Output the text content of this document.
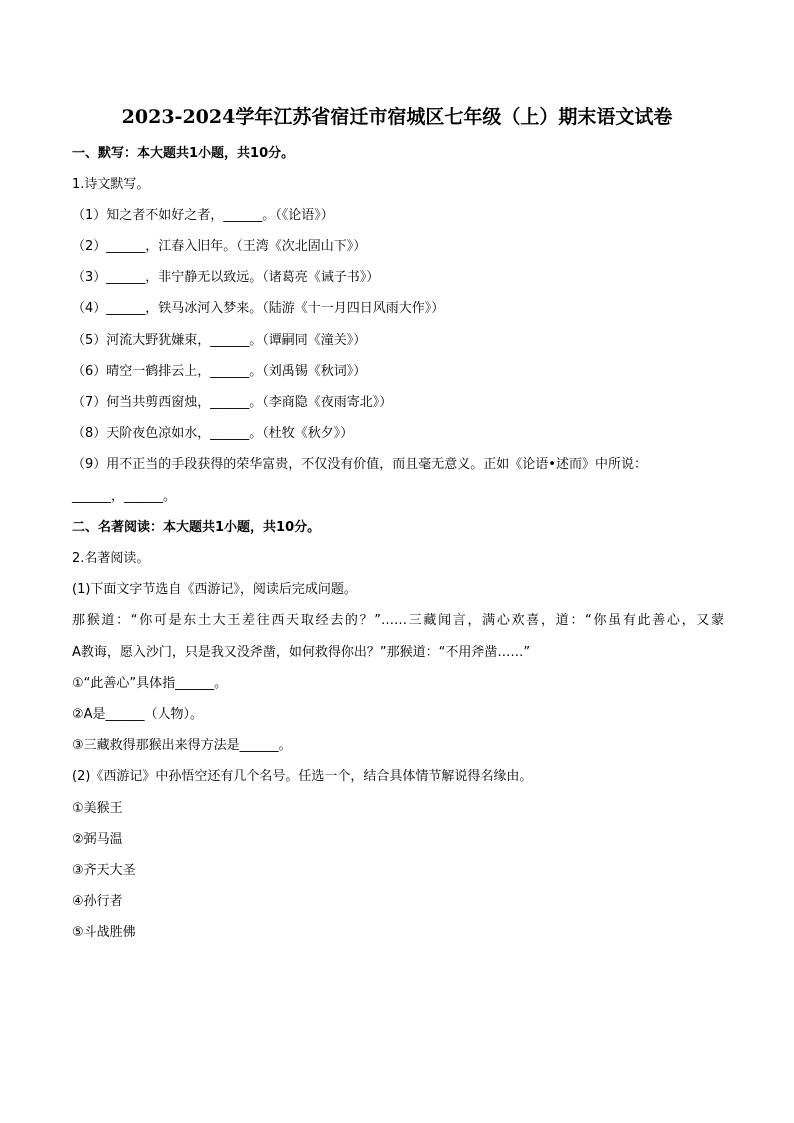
2023-2024学年江苏省宿迁市宿城区七年级（上）期末语文试卷
一、默写：本大题共1小题，共10分。
1.诗文默写。
（1）知之者不如好之者，______。（《论语》）
（2）______，江春入旧年。（王湾《次北固山下》）
（3）______，非宁静无以致远。（诸葛亮《诫子书》）
（4）______，铁马冰河入梦来。（陆游《十一月四日风雨大作》）
（5）河流大野犹嫌束，______。（谭嗣同《潼关》）
（6）晴空一鹤排云上，______。（刘禹锡《秋词》）
（7）何当共剪西窗烛，______。（李商隐《夜雨寄北》）
（8）天阶夜色凉如水，______。（杜牧《秋夕》）
（9）用不正当的手段获得的荣华富贵，不仅没有价值，而且毫无意义。正如《论语•述而》中所说：
______，______。
二、名著阅读：本大题共1小题，共10分。
2.名著阅读。
(1)下面文字节选自《西游记》，阅读后完成问题。
那猴道：“你可是东土大王差往西天取经去的？”……三藏闻言，满心欢喜，道：“你虽有此善心，又蒙
A教诲，愿入沙门，只是我又没斧凿，如何救得你出？”那猴道：“不用斧凿……”
①“此善心”具体指______。
②A是______（人物）。
③三藏救得那猴出来得方法是______。
(2)《西游记》中孙悟空还有几个名号。任选一个，结合具体情节解说得名缘由。
①美猴王
②弼马温
③齐天大圣
④孙行者
⑤斗战胜佛
